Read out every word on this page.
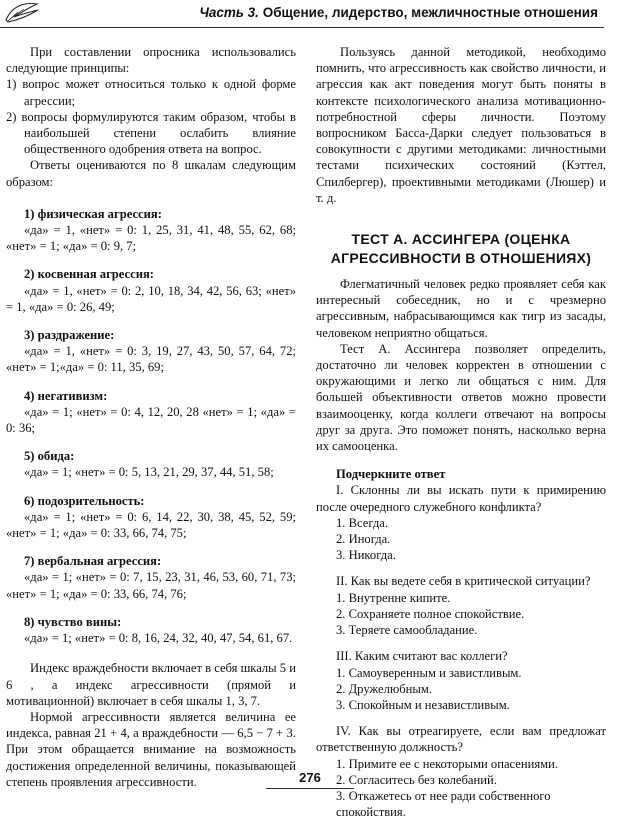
Часть 3. Общение, лидерство, межличностные отношения

При составлении опросника использовались следующие принципы:

1) вопрос может относиться только к одной форме агрессии;

2) вопросы формулируются таким образом, чтобы в наибольшей степени ослабить влияние общественного одобрения ответа на вопрос.

Ответы оцениваются по 8 шкалам следующим образом:

1) физическая агрессия:

«да» = 1, «нет» = 0: 1, 25, 31, 41, 48, 55, 62, 68; «нет» = 1; «да» = 0: 9, 7;

2) косвенная агрессия:

«да» = 1, «нет» = 0: 2, 10, 18, 34, 42, 56, 63; «нет» = 1, «да» = 0: 26, 49;

3) раздражение:

«да» = 1, «нет» = 0: 3, 19, 27, 43, 50, 57, 64, 72; «нет» = 1;«да» = 0: 11, 35, 69;

4) негативизм:

«да» = 1; «нет» = 0: 4, 12, 20, 28 «нет» = 1; «да» = 0: 36;

5) обида:

«да» = 1; «нет» = 0: 5, 13, 21, 29, 37, 44, 51, 58;

6) подозрительность:

«да» = 1; «нет» = 0: 6, 14, 22, 30, 38, 45, 52, 59; «нет» = 1; «да» = 0: 33, 66, 74, 75;

7) вербальная агрессия:

«да» = 1; «нет» = 0: 7, 15, 23, 31, 46, 53, 60, 71, 73; «нет» = 1; «да» = 0: 33, 66, 74, 76;

8) чувство вины:

«да» = 1; «нет» = 0: 8, 16, 24, 32, 40, 47, 54, 61, 67.

Индекс враждебности включает в себя шкалы 5 и 6 , а индекс агрессивности (прямой и мотивационной) включает в себя шкалы 1, 3, 7.

Нормой агрессивности является величина ее индекса, равная 21 + 4, а враждебности — 6,5 − 7 + 3. При этом обращается внимание на возможность достижения определенной величины, показывающей степень проявления агрессивности.

Пользуясь данной методикой, необходимо помнить, что агрессивность как свойство личности, и агрессия как акт поведения могут быть поняты в контексте психологического анализа мотивационно-потребностной сферы личности. Поэтому вопросником Басса-Дарки следует пользоваться в совокупности с другими методиками: личностными тестами психических состояний (Кэттел, Спилбергер), проективными методиками (Люшер) и т. д.

ТЕСТ А. АССИНГЕРА (ОЦЕНКА АГРЕССИВНОСТИ В ОТНОШЕНИЯХ)

Флегматичный человек редко проявляет себя как интересный собеседник, но и с чрезмерно агрессивным, набрасывающимся как тигр из засады, человеком неприятно общаться.

Тест А. Ассингера позволяет определить, достаточно ли человек корректен в отношении с окружающими и легко ли общаться с ним. Для большей объективности ответов можно провести взаимооценку, когда коллеги отвечают на вопросы друг за друга. Это поможет понять, насколько верна их самооценка.

Подчеркните ответ

I. Склонны ли вы искать пути к примирению после очередного служебного конфликта?

1. Всегда.

2. Иногда.

3. Никогда.

II. Как вы ведете себя в критической ситуации?

1. Внутренне кипите.

2. Сохраняете полное спокойствие.

3. Теряете самообладание.

III. Каким считают вас коллеги?

1. Самоуверенным и завистливым.

2. Дружелюбным.

3. Спокойным и независтливым.

IV. Как вы отреагируете, если вам предложат ответственную должность?

1. Примите ее с некоторыми опасениями.

2. Согласитесь без колебаний.

3. Откажетесь от нее ради собственного спокойствия.

276
